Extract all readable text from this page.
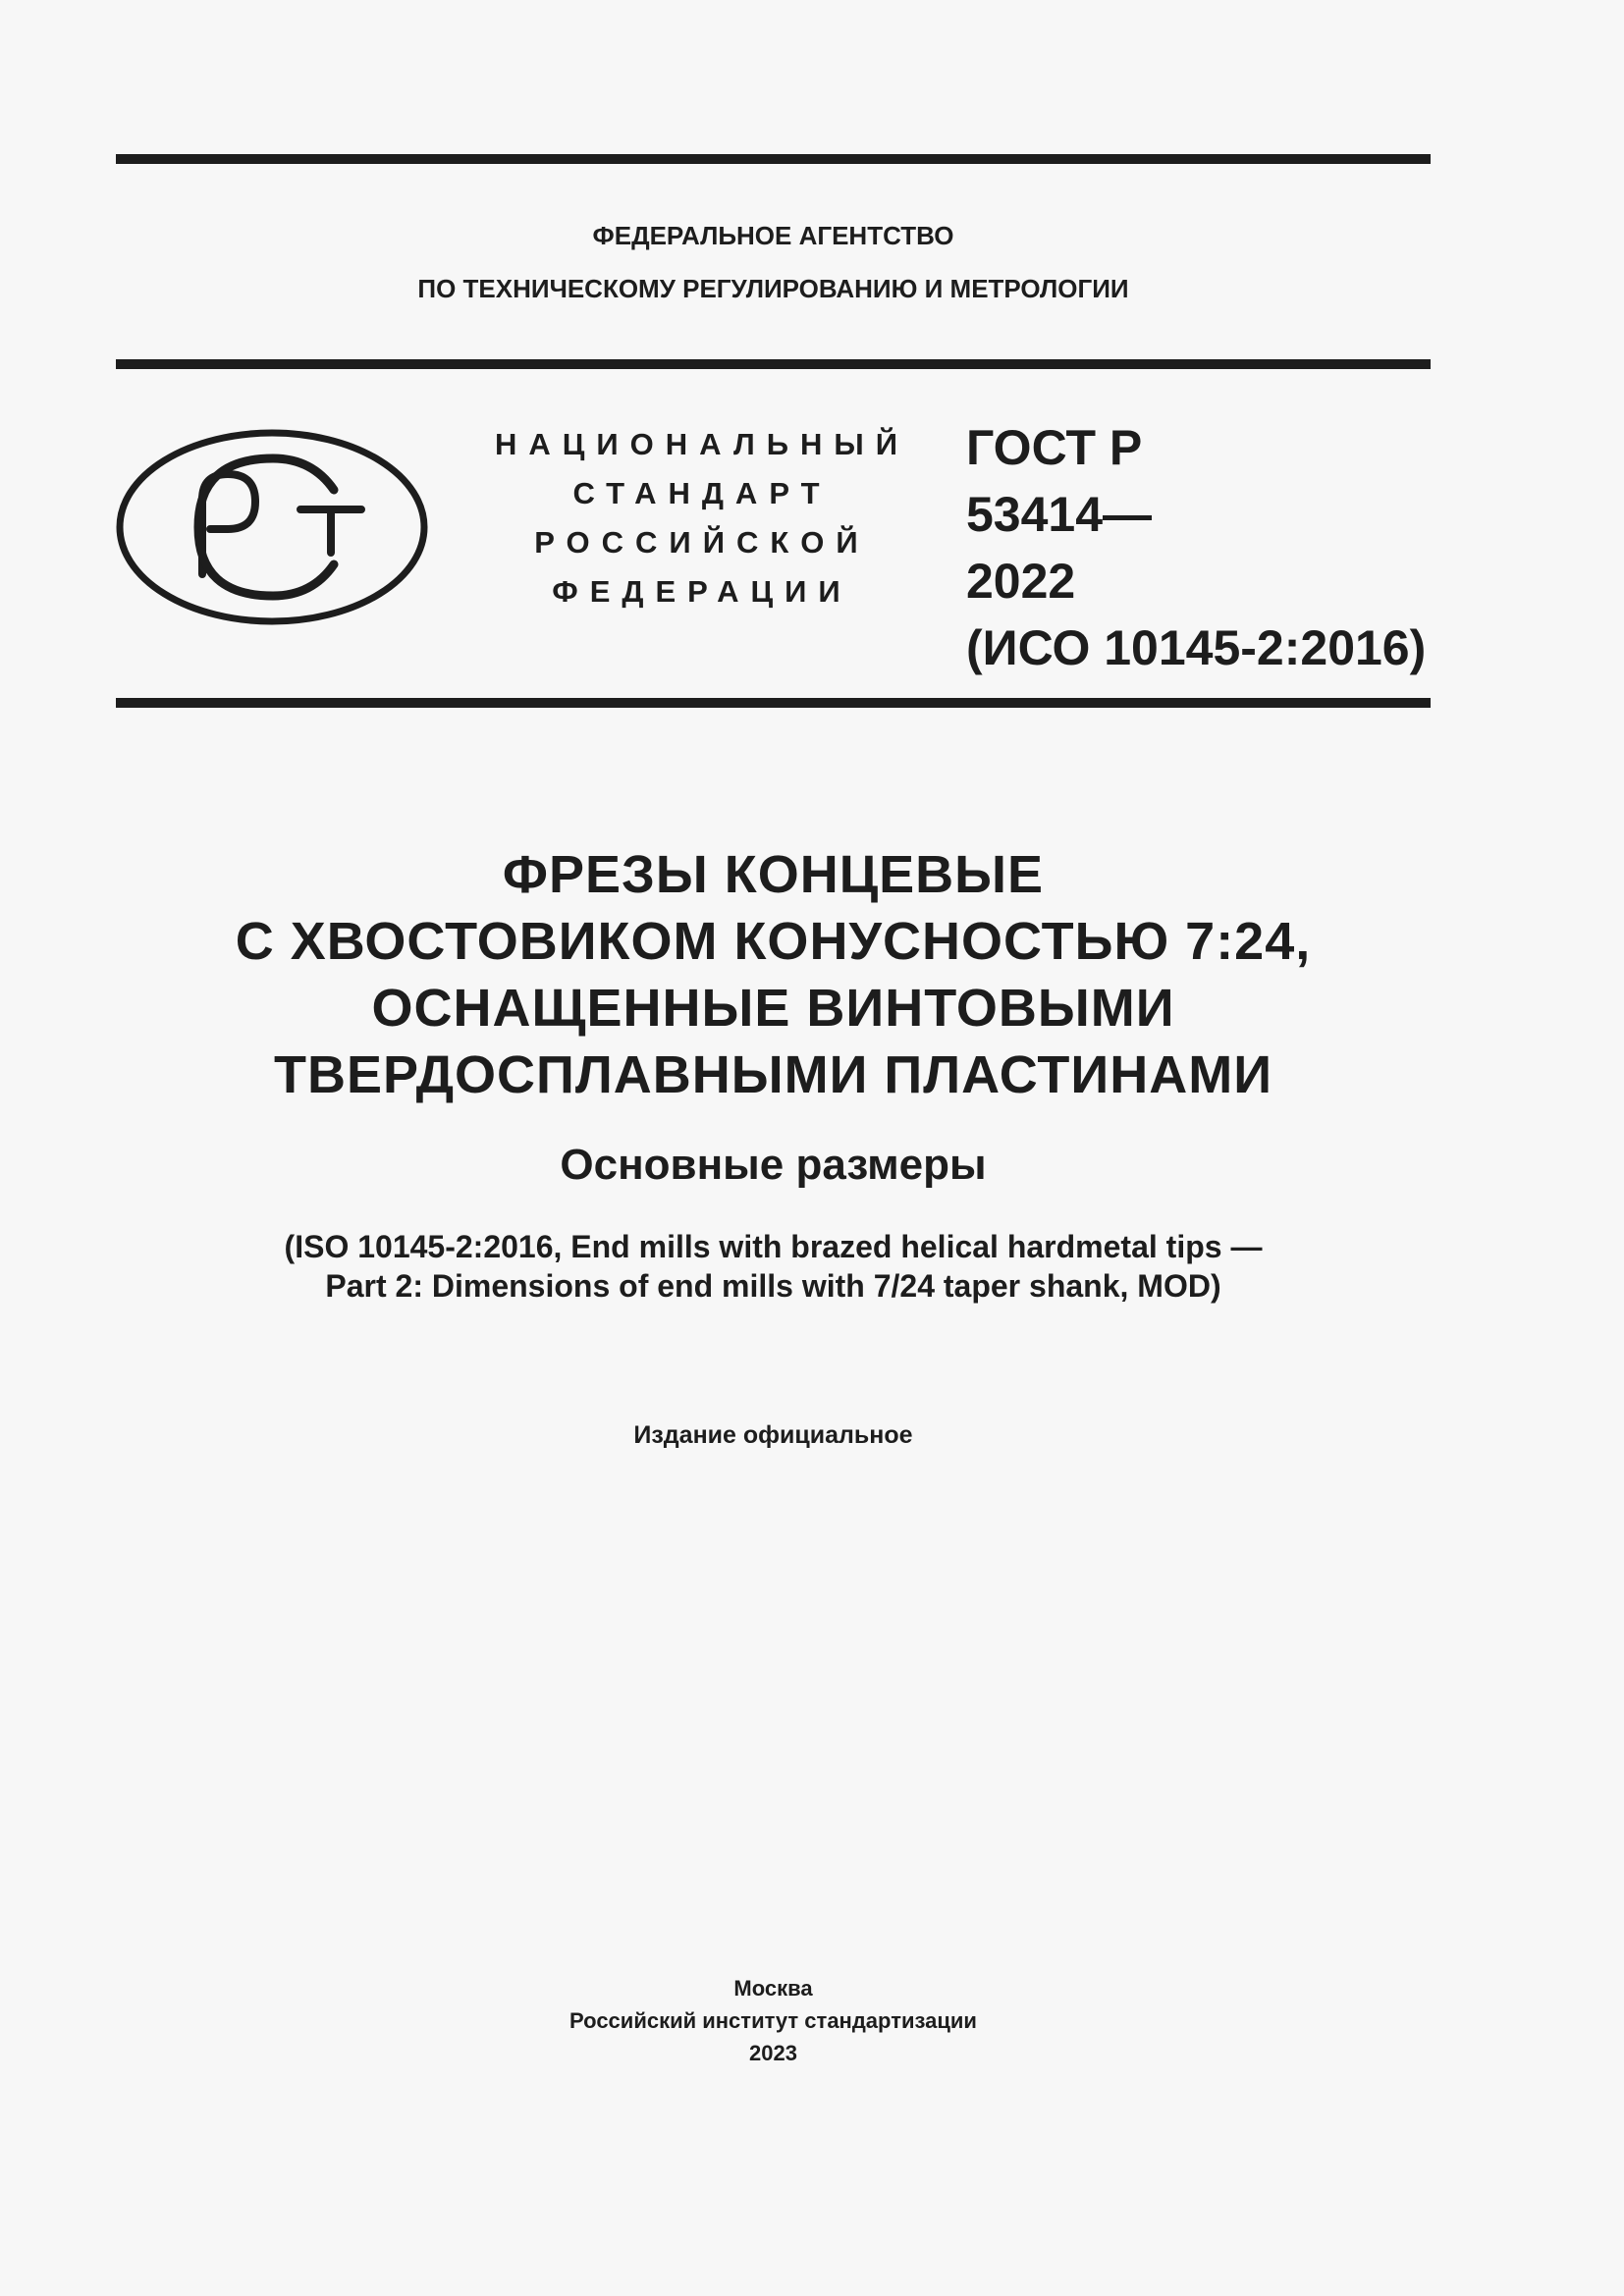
ФЕДЕРАЛЬНОЕ АГЕНТСТВО
ПО ТЕХНИЧЕСКОМУ РЕГУЛИРОВАНИЮ И МЕТРОЛОГИИ
НАЦИОНАЛЬНЫЙ
СТАНДАРТ
РОССИЙСКОЙ
ФЕДЕРАЦИИ
ГОСТ Р
53414—
2022
(ИСО 10145-2:2016)
ФРЕЗЫ КОНЦЕВЫЕ
С ХВОСТОВИКОМ КОНУСНОСТЬЮ 7:24,
ОСНАЩЕННЫЕ ВИНТОВЫМИ
ТВЕРДОСПЛАВНЫМИ ПЛАСТИНАМИ
Основные размеры
(ISO 10145-2:2016, End mills with brazed helical hardmetal tips —
Part 2: Dimensions of end mills with 7/24 taper shank, MOD)
Издание официальное
Москва
Российский институт стандартизации
2023
